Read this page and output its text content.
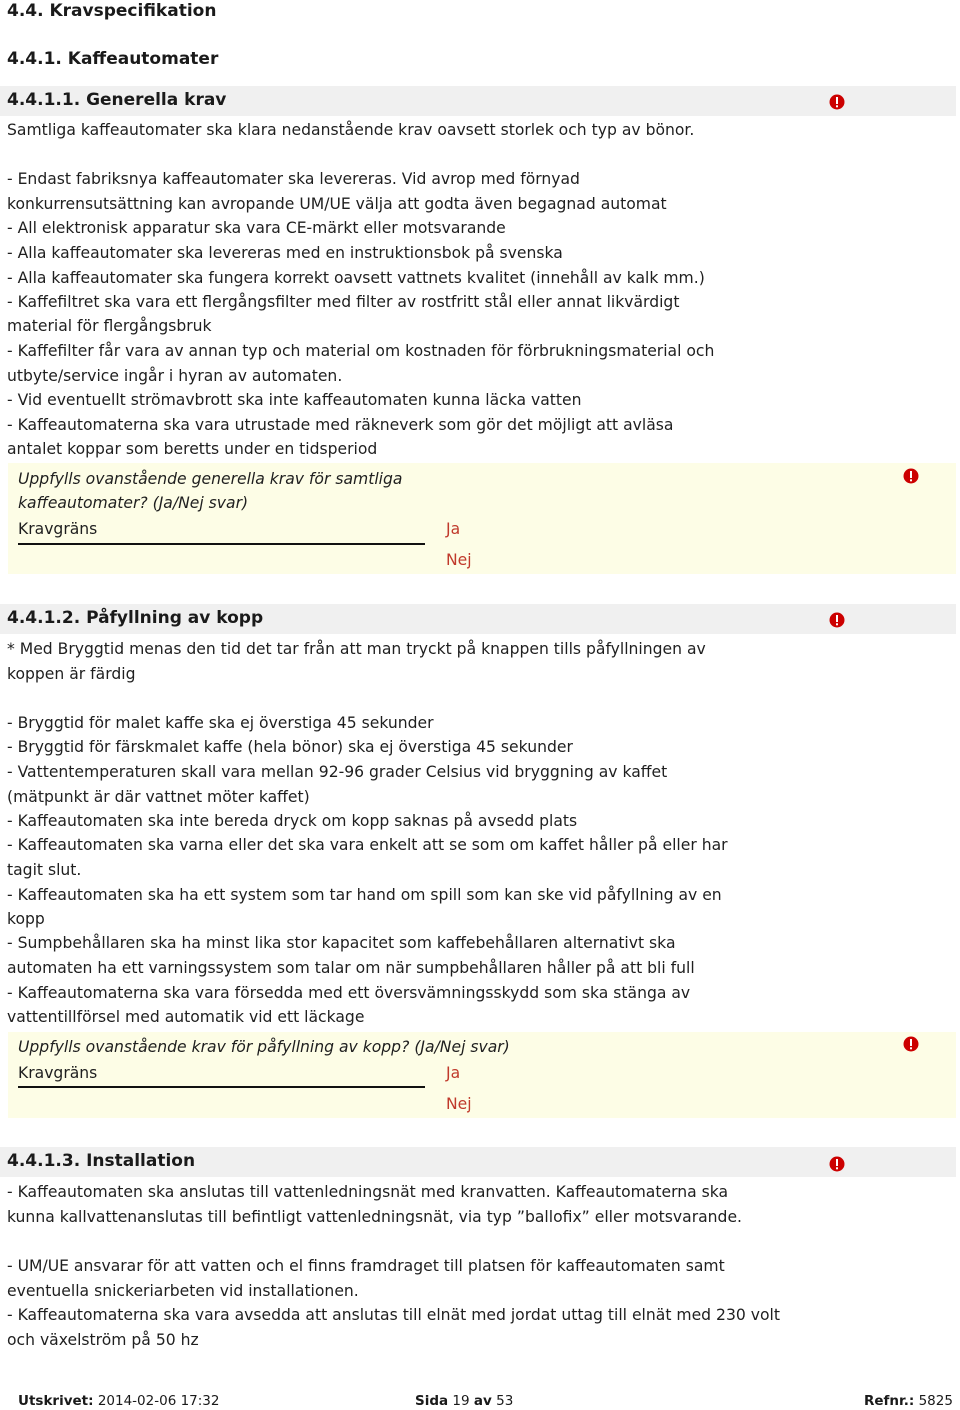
4.4. Kravspecifikation
4.4.1. Kaffeautomater
4.4.1.1. Generella krav
Samtliga kaffeautomater ska klara nedanstående krav oavsett storlek och typ av bönor.
- Endast fabriksnya kaffeautomater ska levereras. Vid avrop med förnyad
konkurrensutsättning kan avropande UM/UE välja att godta även begagnad automat
- All elektronisk apparatur ska vara CE-märkt eller motsvarande
- Alla kaffeautomater ska levereras med en instruktionsbok på svenska
- Alla kaffeautomater ska fungera korrekt oavsett vattnets kvalitet (innehåll av kalk mm.)
- Kaffefiltret ska vara ett flergångsfilter med filter av rostfritt stål eller annat likvärdigt
material för flergångsbruk
- Kaffefilter får vara av annan typ och material om kostnaden för förbrukningsmaterial och
utbyte/service ingår i hyran av automaten.
- Vid eventuellt strömavbrott ska inte kaffeautomaten kunna läcka vatten
- Kaffeautomaterna ska vara utrustade med räkneverk som gör det möjligt att avläsa
antalet koppar som beretts under en tidsperiod
Uppfylls ovanstående generella krav för samtliga
kaffeautomater? (Ja/Nej svar)
Kravgräns	Ja
Nej
4.4.1.2. Påfyllning av kopp
* Med Bryggtid menas den tid det tar från att man tryckt på knappen tills påfyllningen av
koppen är färdig
- Bryggtid för malet kaffe ska ej överstiga 45 sekunder
- Bryggtid för färskmalet kaffe (hela bönor) ska ej överstiga 45 sekunder
- Vattentemperaturen skall vara mellan 92-96 grader Celsius vid bryggning av kaffet
(mätpunkt är där vattnet möter kaffet)
- Kaffeautomaten ska inte bereda dryck om kopp saknas på avsedd plats
- Kaffeautomaten ska varna eller det ska vara enkelt att se som om kaffet håller på eller har
tagit slut.
- Kaffeautomaten ska ha ett system som tar hand om spill som kan ske vid påfyllning av en
kopp
- Sumpbehållaren ska ha minst lika stor kapacitet som kaffebehållaren alternativt ska
automaten ha ett varningssystem som talar om när sumpbehållaren håller på att bli full
- Kaffeautomaterna ska vara försedda med ett översvämningsskydd som ska stänga av
vattentillförsel med automatik vid ett läckage
Uppfylls ovanstående krav för påfyllning av kopp? (Ja/Nej svar)
Kravgräns	Ja
Nej
4.4.1.3. Installation
- Kaffeautomaten ska anslutas till vattenledningsnät med kranvatten. Kaffeautomaterna ska
kunna kallvattenanslutas till befintligt vattenledningsnät, via typ ”ballofix” eller motsvarande.
- UM/UE ansvarar för att vatten och el finns framdraget till platsen för kaffeautomaten samt
eventuella snickeriarbeten vid installationen.
- Kaffeautomaterna ska vara avsedda att anslutas till elnät med jordat uttag till elnät med 230 volt
och växelström på 50 hz
Utskrivet: 2014-02-06 17:32	Sida 19 av 53	Refnr.: 5825
